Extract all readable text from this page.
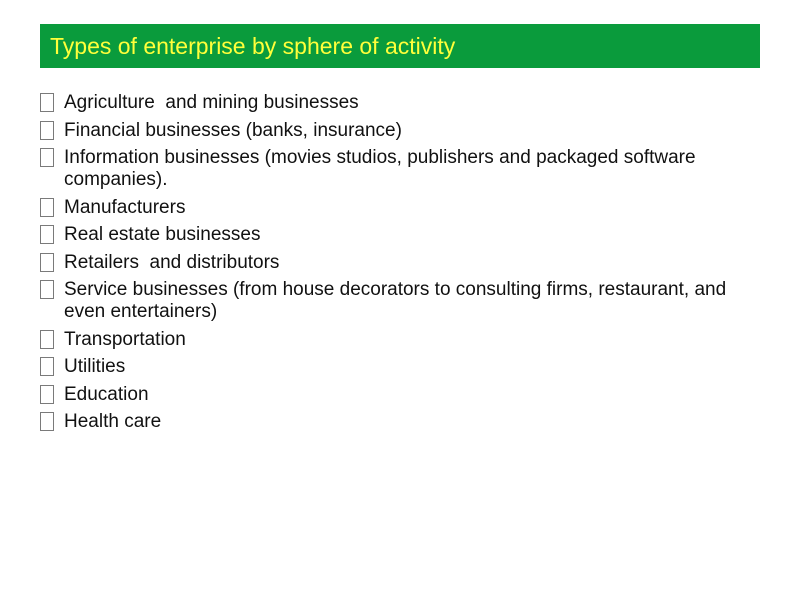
Types of enterprise by sphere of activity
Agriculture  and mining businesses
Financial businesses (banks, insurance)
Information businesses (movies studios, publishers and packaged software companies).
Manufacturers
Real estate businesses
Retailers  and distributors
Service businesses (from house decorators to consulting firms, restaurant, and even entertainers)
Transportation
Utilities
Education
Health care
